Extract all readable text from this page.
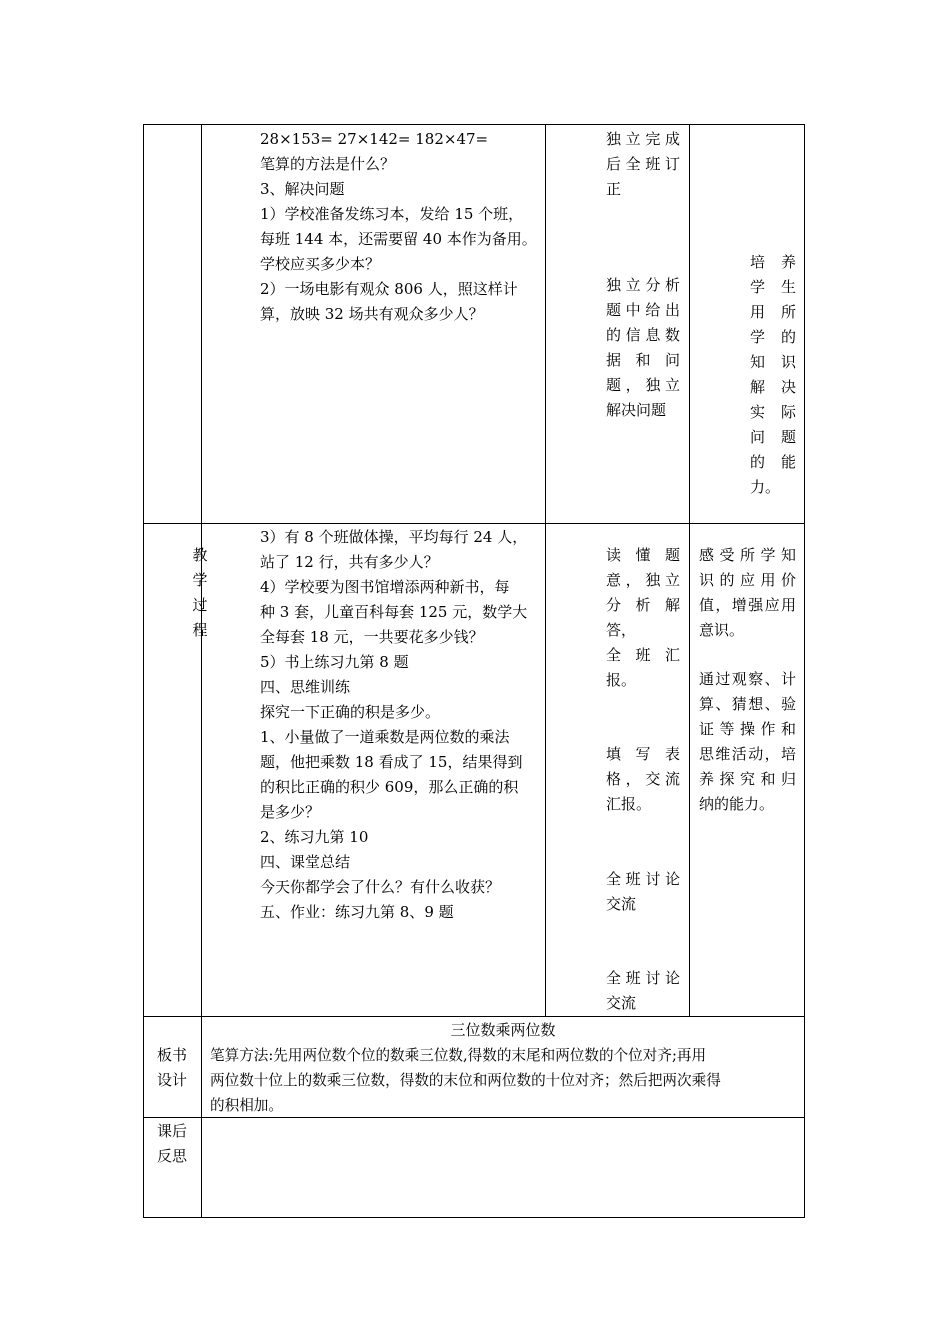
28×153= 27×142= 182×47=

笔算的方法是什么？

3、解决问题

1）学校准备发练习本，发给 15 个班，

每班 144 本，还需要留 40 本作为备用。

学校应买多少本？

2）一场电影有观众 806 人，照这样计

算，放映 32 场共有观众多少人？

独立完成

后全班订

正

独立分析

题中给出

的信息数

据 和 问

题，独立

解决问题

培　养

学　生

用　所

学　的

知　识

解　决

实　际

问　题

的　能

力。

教
学
过
程

3）有 8 个班做体操，平均每行 24 人，

站了 12 行，共有多少人？

4）学校要为图书馆增添两种新书，每

种 3 套，儿童百科每套 125 元，数学大

全每套 18 元，一共要花多少钱？

5）书上练习九第 8 题

四、思维训练

探究一下正确的积是多少。

1、小量做了一道乘数是两位数的乘法

题，他把乘数 18 看成了 15，结果得到

的积比正确的积少 609，那么正确的积

是多少？

2、练习九第 10

四、课堂总结

今天你都学会了什么？有什么收获？

五、作业：练习九第 8、9 题

读 懂 题

意，独立

分 析 解

答，

全 班 汇

报。

填 写 表

格，交流

汇报。

全班讨论

交流

全班讨论

交流

感受所学知

识的应用价

值，增强应用

意识。

通过观察、计

算、猜想、验

证等操作和

思维活动，培

养探究和归

纳的能力。

板书

设计

三位数乘两位数

笔算方法:先用两位数个位的数乘三位数,得数的末尾和两位数的个位对齐;再用

两位数十位上的数乘三位数，得数的末位和两位数的十位对齐；然后把两次乘得

的积相加。

课后

反思
